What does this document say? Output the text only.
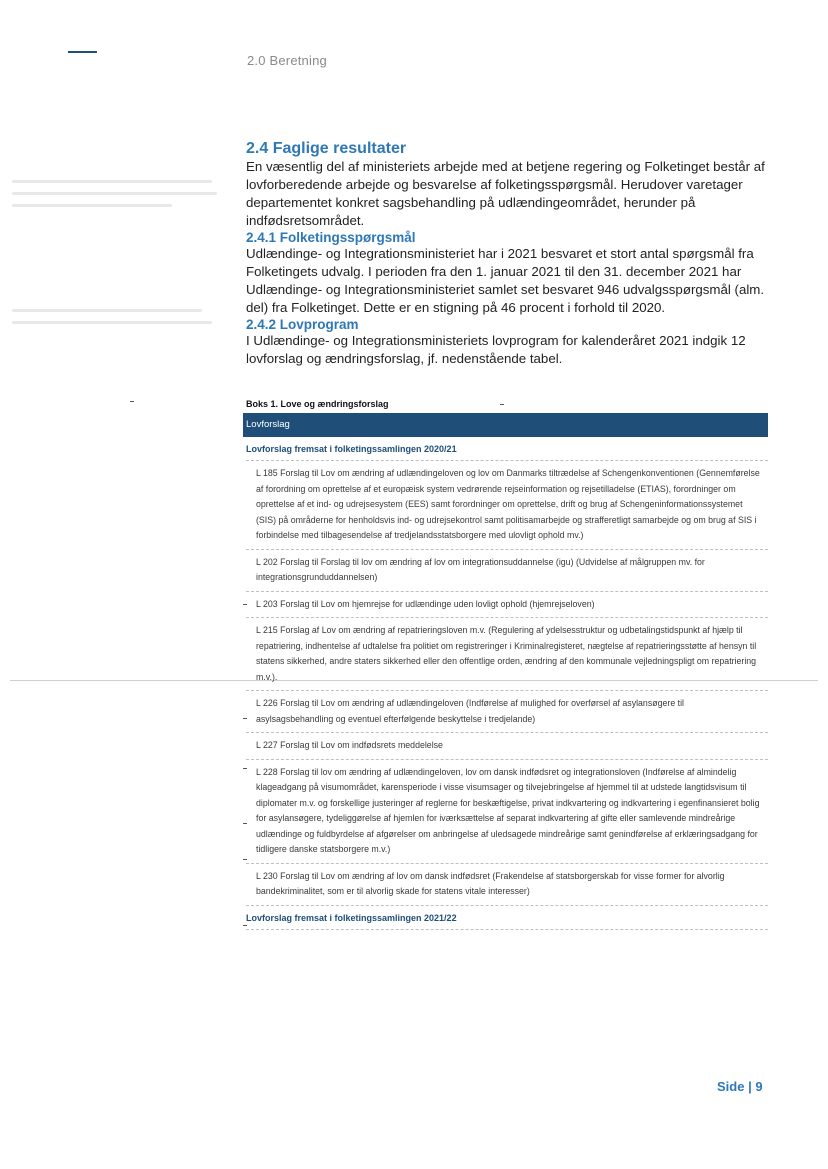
2.0 Beretning
2.4 Faglige resultater

En væsentlig del af ministeriets arbejde med at betjene regering og Folketinget består af lovforberedende arbejde og besvarelse af folketingsspørgsmål. Herudover varetager departementet konkret sagsbehandling på udlændingeområdet, herunder på indfødsretsområdet.

2.4.1 Folketingsspørgsmål

Udlændinge- og Integrationsministeriet har i 2021 besvaret et stort antal spørgsmål fra Folketingets udvalg. I perioden fra den 1. januar 2021 til den 31. december 2021 har Udlændinge- og Integrationsministeriet samlet set besvaret 946 udvalgsspørgsmål (alm. del) fra Folketinget. Dette er en stigning på 46 procent i forhold til 2020.

2.4.2 Lovprogram

I Udlændinge- og Integrationsministeriets lovprogram for kalenderåret 2021 indgik 12 lovforslag og ændringsforslag, jf. nedenstående tabel.

Boks 1. Love og ændringsforslag
Lovforslag
Lovforslag fremsat i folketingssamlingen 2020/21
L 185 Forslag til Lov om ændring af udlændingeloven og lov om Danmarks tiltrædelse af Schengenkonventionen (Gennemførelse af forordning om oprettelse af et europæisk system vedrørende rejseinformation og rejsetilladelse (ETIAS), forordninger om oprettelse af et ind- og udrejsesystem (EES) samt forordninger om oprettelse, drift og brug af Schengeninformationssystemet (SIS) på områderne for henholdsvis ind- og udrejsekontrol samt politisamarbejde og strafferetligt samarbejde og om brug af SIS i forbindelse med tilbagesendelse af tredjelandsstatsborgere med ulovligt ophold mv.)
L 202 Forslag til Forslag til lov om ændring af lov om integrationsuddannelse (igu) (Udvidelse af målgruppen mv. for integrationsgrunduddannelsen)
L 203 Forslag til Lov om hjemrejse for udlændinge uden lovligt ophold (hjemrejseloven)
L 215 Forslag af Lov om ændring af repatrieringsloven m.v. (Regulering af ydelsesstruktur og udbetalingstidspunkt af hjælp til repatriering, indhentelse af udtalelse fra politiet om registreringer i Kriminalregisteret, nægtelse af repatrieringsstøtte af hensyn til statens sikkerhed, andre staters sikkerhed eller den offentlige orden, ændring af den kommunale vejledningspligt om repatriering m.v.).
L 226 Forslag til Lov om ændring af udlændingeloven (Indførelse af mulighed for overførsel af asylansøgere til asylsagsbehandling og eventuel efterfølgende beskyttelse i tredjelande)
L 227 Forslag til Lov om indfødsrets meddelelse
L 228 Forslag til lov om ændring af udlændingeloven, lov om dansk indfødsret og integrationsloven (Indførelse af almindelig klageadgang på visumområdet, karensperiode i visse visumsager og tilvejebringelse af hjemmel til at udstede langtidsvisum til diplomater m.v. og forskellige justeringer af reglerne for beskæftigelse, privat indkvartering og indkvartering i egenfinansieret bolig for asylansøgere, tydeliggørelse af hjemlen for iværksættelse af separat indkvartering af gifte eller samlevende mindreårige udlændinge og fuldbyrdelse af afgørelser om anbringelse af uledsagede mindreårige samt genindførelse af erklæringsadgang for tidligere danske statsborgere m.v.)
L 230 Forslag til Lov om ændring af lov om dansk indfødsret (Frakendelse af statsborgerskab for visse former for alvorlig bandekriminalitet, som er til alvorlig skade for statens vitale interesser)
Lovforslag fremsat i folketingssamlingen 2021/22
Side | 9
